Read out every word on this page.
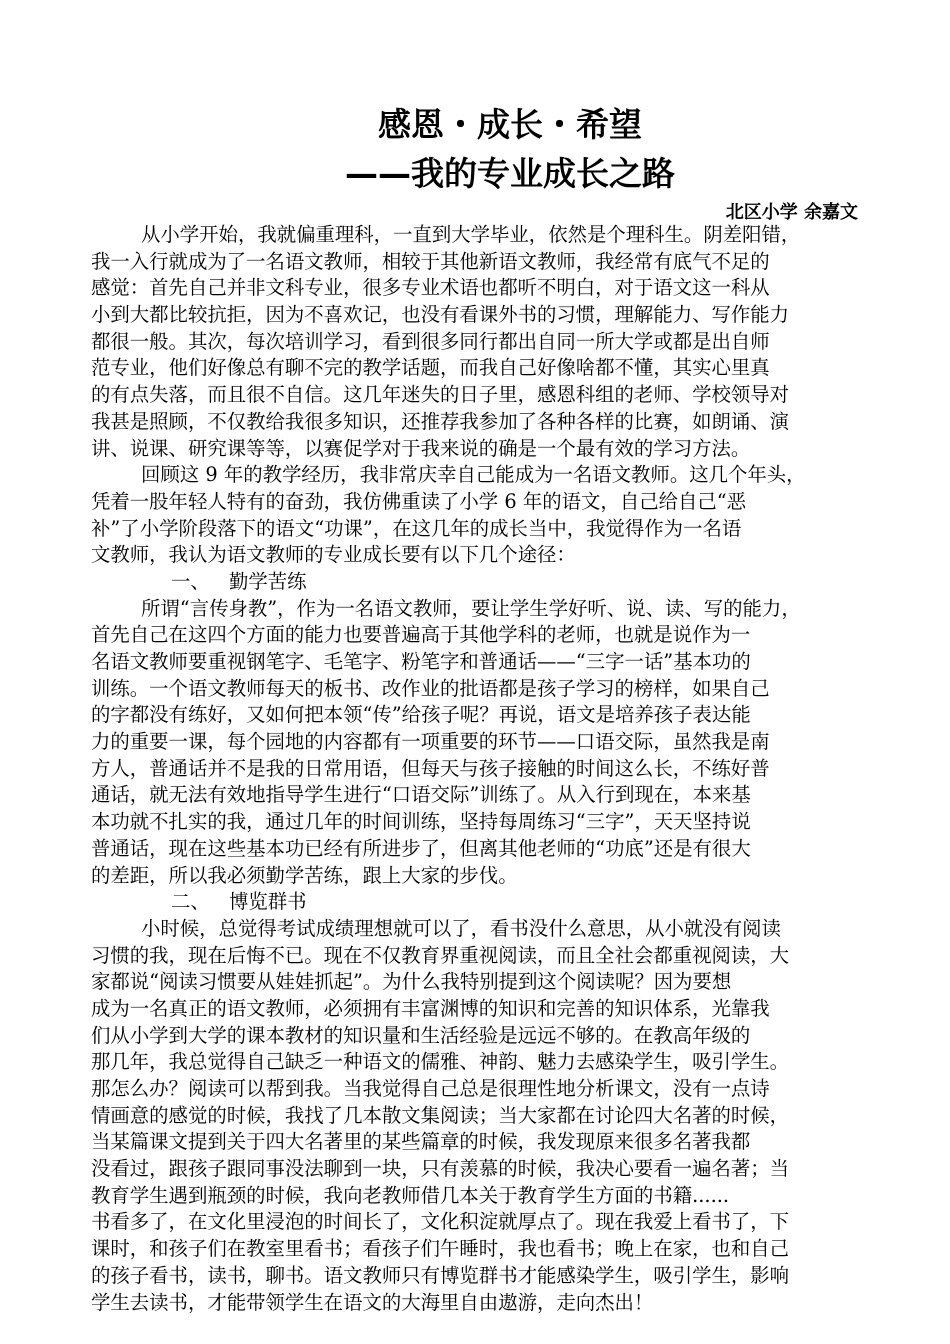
感恩・成长・希望
——我的专业成长之路
北区小学 余嘉文
从小学开始，我就偏重理科，一直到大学毕业，依然是个理科生。阴差阳错，
我一入行就成为了一名语文教师，相较于其他新语文教师，我经常有底气不足的
感觉：首先自己并非文科专业，很多专业术语也都听不明白，对于语文这一科从
小到大都比较抗拒，因为不喜欢记，也没有看课外书的习惯，理解能力、写作能力
都很一般。其次，每次培训学习，看到很多同行都出自同一所大学或都是出自师
范专业，他们好像总有聊不完的教学话题，而我自己好像啥都不懂，其实心里真
的有点失落，而且很不自信。这几年迷失的日子里，感恩科组的老师、学校领导对
我甚是照顾，不仅教给我很多知识，还推荐我参加了各种各样的比赛，如朗诵、演
讲、说课、研究课等等，以赛促学对于我来说的确是一个最有效的学习方法。
回顾这 9 年的教学经历，我非常庆幸自己能成为一名语文教师。这几个年头，
凭着一股年轻人特有的奋劲，我仿佛重读了小学 6 年的语文，自己给自己“恶
补”了小学阶段落下的语文“功课”，在这几年的成长当中，我觉得作为一名语
文教师，我认为语文教师的专业成长要有以下几个途径：
一、 勤学苦练
所谓“言传身教”，作为一名语文教师，要让学生学好听、说、读、写的能力，
首先自己在这四个方面的能力也要普遍高于其他学科的老师，也就是说作为一
名语文教师要重视钢笔字、毛笔字、粉笔字和普通话——“三字一话”基本功的
训练。一个语文教师每天的板书、改作业的批语都是孩子学习的榜样，如果自己
的字都没有练好，又如何把本领“传”给孩子呢？再说，语文是培养孩子表达能
力的重要一课，每个园地的内容都有一项重要的环节——口语交际，虽然我是南
方人，普通话并不是我的日常用语，但每天与孩子接触的时间这么长，不练好普
通话，就无法有效地指导学生进行“口语交际”训练了。从入行到现在，本来基
本功就不扎实的我，通过几年的时间训练，坚持每周练习“三字”，天天坚持说
普通话，现在这些基本功已经有所进步了，但离其他老师的“功底”还是有很大
的差距，所以我必须勤学苦练，跟上大家的步伐。
二、 博览群书
小时候，总觉得考试成绩理想就可以了，看书没什么意思，从小就没有阅读
习惯的我，现在后悔不已。现在不仅教育界重视阅读，而且全社会都重视阅读，大
家都说“阅读习惯要从娃娃抓起”。为什么我特别提到这个阅读呢？因为要想
成为一名真正的语文教师，必须拥有丰富渊博的知识和完善的知识体系，光靠我
们从小学到大学的课本教材的知识量和生活经验是远远不够的。在教高年级的
那几年，我总觉得自己缺乏一种语文的儒雅、神韵、魅力去感染学生，吸引学生。
那怎么办？阅读可以帮到我。当我觉得自己总是很理性地分析课文，没有一点诗
情画意的感觉的时候，我找了几本散文集阅读；当大家都在讨论四大名著的时候，
当某篇课文提到关于四大名著里的某些篇章的时候，我发现原来很多名著我都
没看过，跟孩子跟同事没法聊到一块，只有羡慕的时候，我决心要看一遍名著；当
教育学生遇到瓶颈的时候，我向老教师借几本关于教育学生方面的书籍......
书看多了，在文化里浸泡的时间长了，文化积淀就厚点了。现在我爱上看书了，下
课时，和孩子们在教室里看书；看孩子们午睡时，我也看书；晚上在家，也和自己
的孩子看书，读书，聊书。语文教师只有博览群书才能感染学生，吸引学生，影响
学生去读书，才能带领学生在语文的大海里自由遨游，走向杰出！
